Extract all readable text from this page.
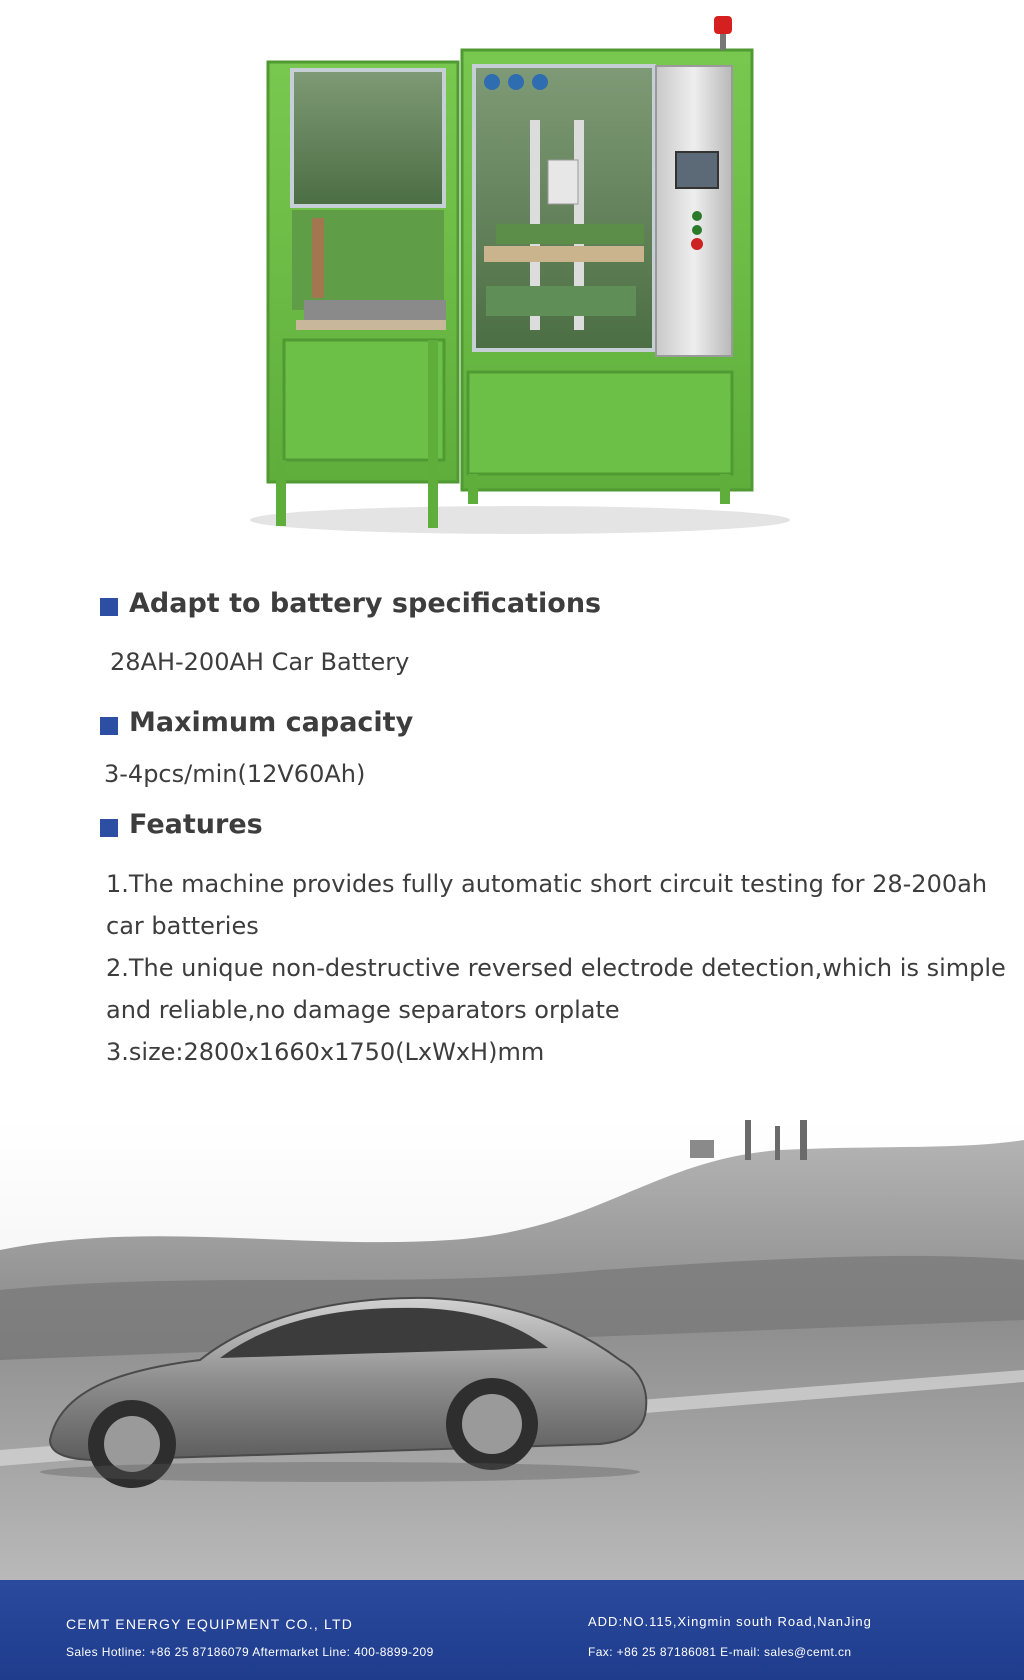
Adapt to battery specifications
28AH-200AH Car Battery
Maximum capacity
3-4pcs/min(12V60Ah)
Features
1.The machine provides fully automatic short circuit testing for 28-200ah
car batteries
2.The unique non-destructive reversed electrode detection,which is simple
and reliable,no damage separators orplate
3.size:2800x1660x1750(LxWxH)mm
CEMT ENERGY EQUIPMENT CO., LTD
Sales Hotline: +86 25 87186079 Aftermarket Line: 400-8899-209
ADD:NO.115,Xingmin south Road,NanJing
Fax: +86 25 87186081 E-mail: sales@cemt.cn
